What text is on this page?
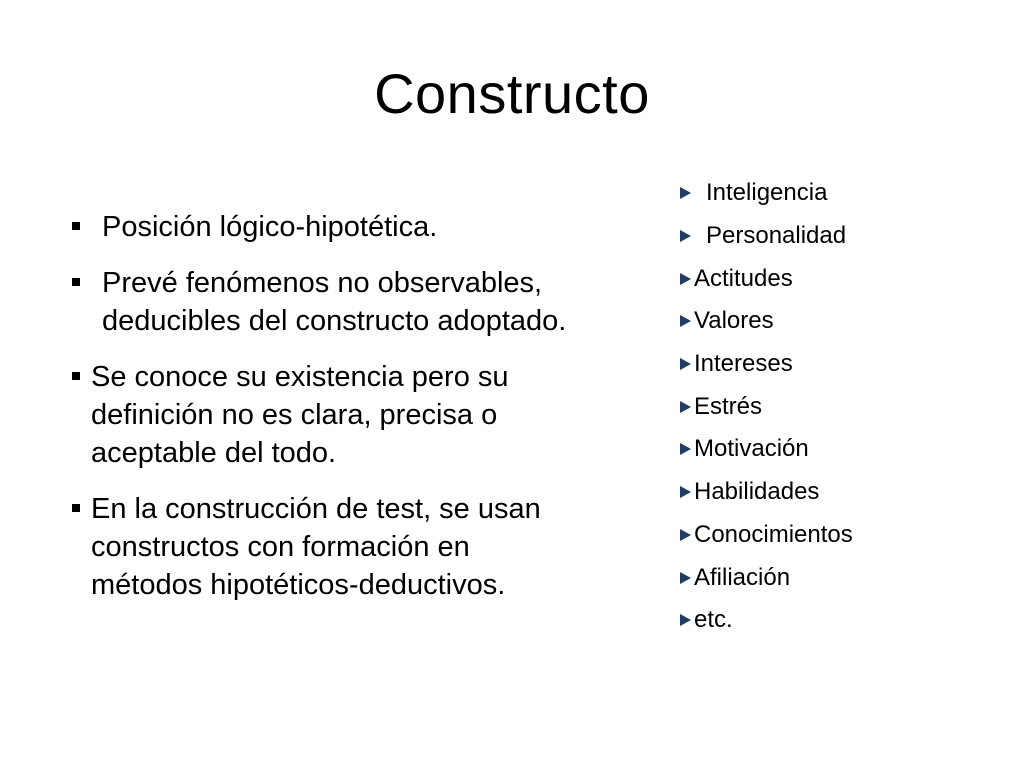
Constructo
Posición lógico-hipotética.
Prevé fenómenos no observables,
deducibles del constructo adoptado.
Se conoce su existencia pero su
definición no es clara, precisa o
aceptable del todo.
En la construcción de test, se usan
constructos con formación en
métodos hipotéticos-deductivos.
Inteligencia
Personalidad
Actitudes
Valores
Intereses
Estrés
Motivación
Habilidades
Conocimientos
Afiliación
etc.
